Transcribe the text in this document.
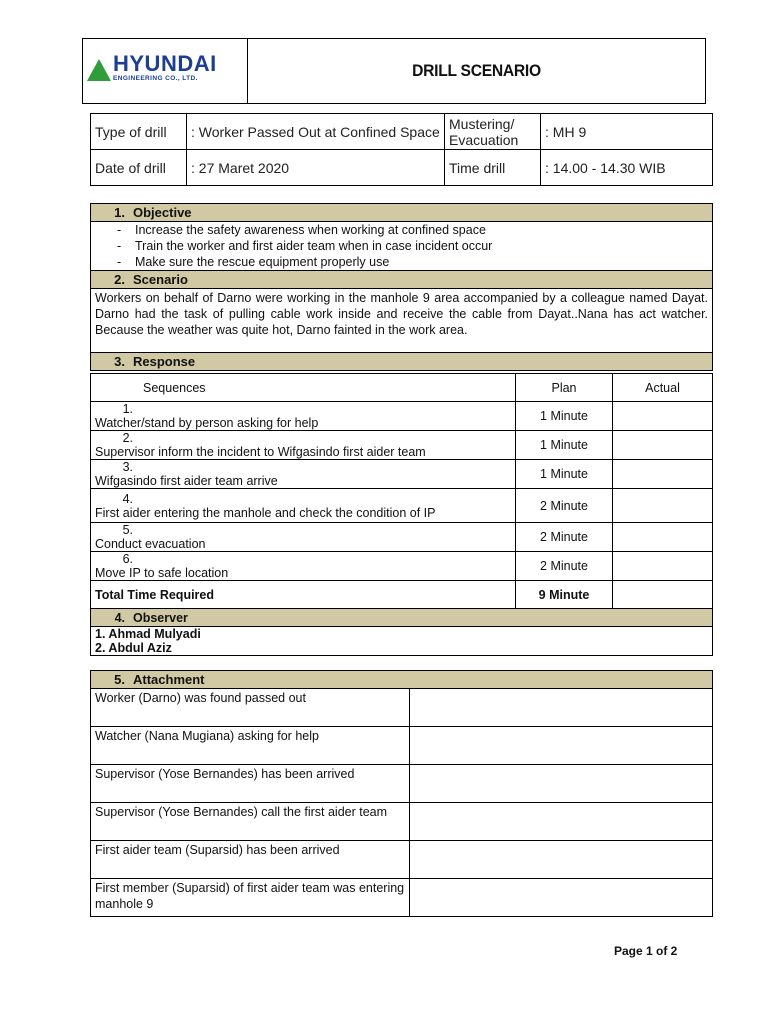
HYUNDAI
ENGINEERING CO., LTD.	DRILL SCENARIO
Type of drill	: Worker Passed Out at Confined Space	Mustering/ Evacuation	: MH 9
Date of drill	: 27 Maret 2020	Time drill	: 14.00 - 14.30 WIB
1. Objective

-	Increase the safety awareness when working at confined space
-	Train the worker and first aider team when in case incident occur
-	Make sure the rescue equipment properly use

2. Scenario
Workers on behalf of Darno were working in the manhole 9 area accompanied by a colleague named Dayat. Darno had the task of pulling cable work inside and receive the cable from Dayat..Nana has act watcher. Because the weather was quite hot, Darno fainted in the work area.
3. Response
Sequences	Plan	Actual
1.Watcher/stand by person asking for help	1 Minute	
2.Supervisor inform the incident to Wifgasindo first aider team	1 Minute	
3.Wifgasindo first aider team arrive	1 Minute	
4.First aider entering the manhole and check the condition of IP	2 Minute	
5.Conduct evacuation	2 Minute	
6.Move IP to safe location	2 Minute	
Total Time Required	9 Minute	
4. Observer		

1. Ahmad Mulyadi
2. Abdul Aziz		
5. Attachment	
Worker (Darno) was found passed out	
Watcher (Nana Mugiana) asking for help	
Supervisor (Yose Bernandes) has been arrived	
Supervisor (Yose Bernandes) call the first aider team	
First aider team (Suparsid) has been arrived	
First member (Suparsid) of first aider team was entering manhole 9	
Page 1 of 2
